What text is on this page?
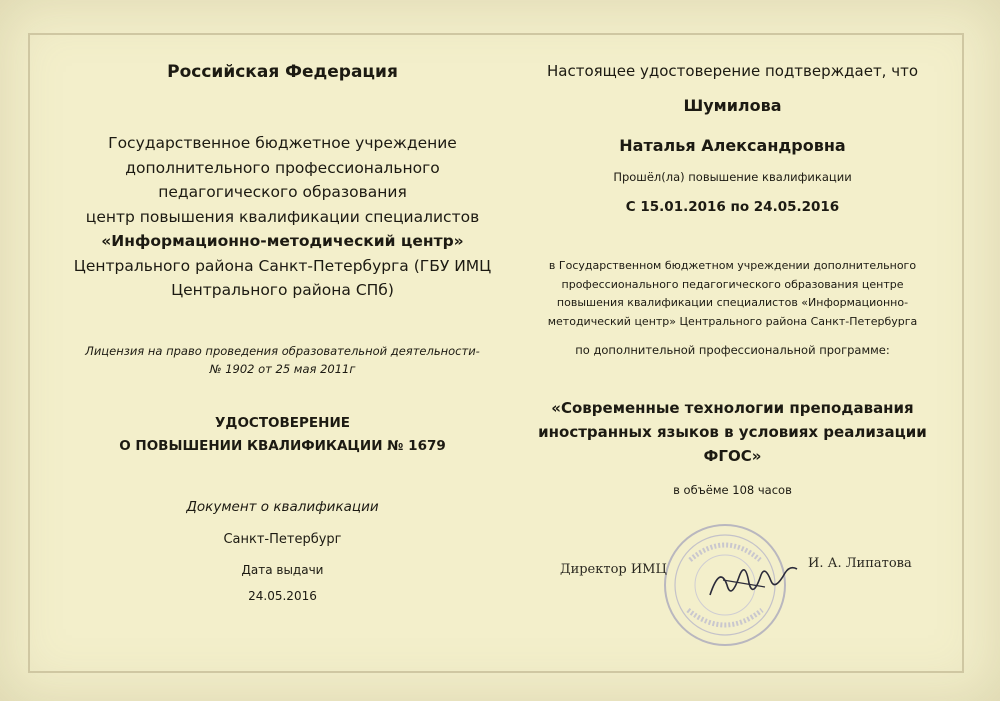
Российская Федерация
Государственное бюджетное учреждение
дополнительного профессионального
педагогического образования
центр повышения квалификации специалистов
«Информационно-методический центр»
Центрального района Санкт-Петербурга (ГБУ ИМЦ
Центрального района СПб)
Лицензия на право проведения образовательной деятельности-
№ 1902 от 25 мая 2011г
УДОСТОВЕРЕНИЕ
О ПОВЫШЕНИИ КВАЛИФИКАЦИИ № 1679
Документ о квалификации
Санкт-Петербург
Дата выдачи
24.05.2016
Настоящее удостоверение подтверждает, что
Шумилова
Наталья Александровна
Прошёл(ла) повышение квалификации
С 15.01.2016 по 24.05.2016
в Государственном бюджетном учреждении дополнительного
профессионального педагогического образования центре
повышения квалификации специалистов «Информационно-
методический центр» Центрального района Санкт-Петербурга
по дополнительной профессиональной программе:
«Современные технологии преподавания
иностранных языков в условиях реализации
ФГОС»
в объёме 108 часов
Директор ИМЦ	И. А. Липатова
